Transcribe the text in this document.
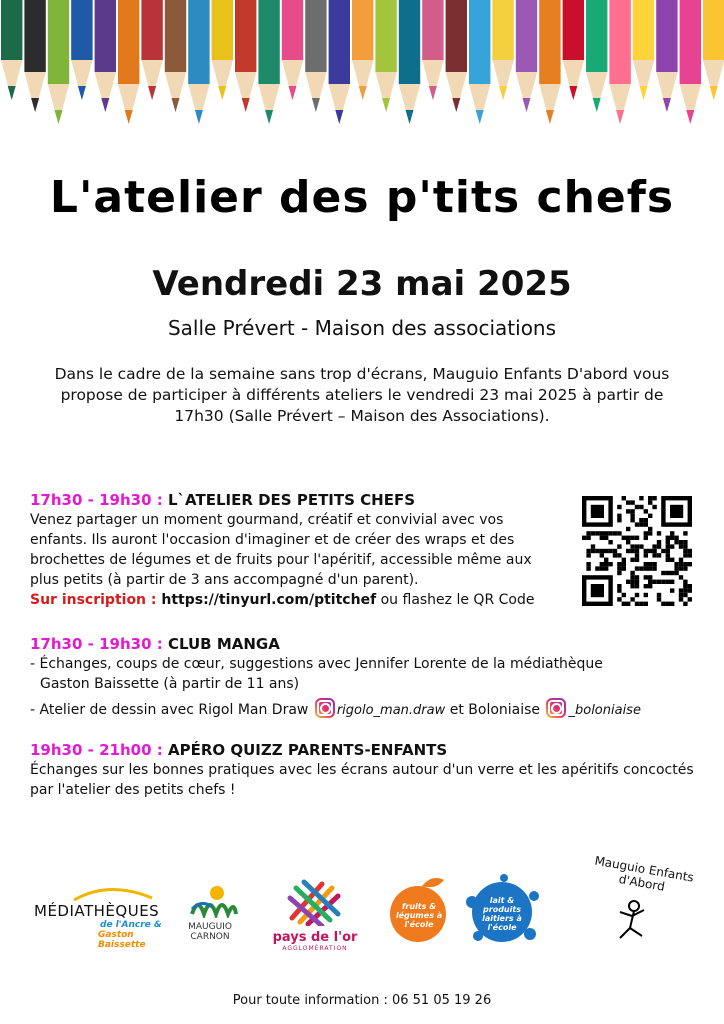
L'atelier des p'tits chefs
Vendredi 23 mai 2025
Salle Prévert - Maison des associations
Dans le cadre de la semaine sans trop d'écrans, Mauguio Enfants D'abord vous propose de participer à différents ateliers le vendredi 23 mai 2025 à partir de 17h30 (Salle Prévert – Maison des Associations).
17h30 - 19h30 : L`ATELIER DES PETITS CHEFS
Venez partager un moment gourmand, créatif et convivial avec vos enfants. Ils auront l'occasion d'imaginer et de créer des wraps et des brochettes de légumes et de fruits pour l'apéritif, accessible même aux plus petits (à partir de 3 ans accompagné d'un parent).
Sur inscription : https://tinyurl.com/ptitchef ou flashez le QR Code
17h30 - 19h30 : CLUB MANGA
- Échanges, coups de cœur, suggestions avec Jennifer Lorente de la médiathèque
Gaston Baissette (à partir de 11 ans)
- Atelier de dessin avec Rigol Man Draw rigolo_man.draw et Boloniaise _boloniaise
19h30 - 21h00 : APÉRO QUIZZ PARENTS-ENFANTS
Échanges sur les bonnes pratiques avec les écrans autour d'un verre et les apéritifs concoctés par l'atelier des petits chefs !
MÉDIATHÈQUES
de l'Ancre &
Gaston Baissette
MAUGUIO
CARNON	pays de l'or
AGGLOMÉRATION
fruits & légumes à l'école
lait & produits laitiers à l'école
Mauguio Enfants d'Abord
Pour toute information : 06 51 05 19 26
